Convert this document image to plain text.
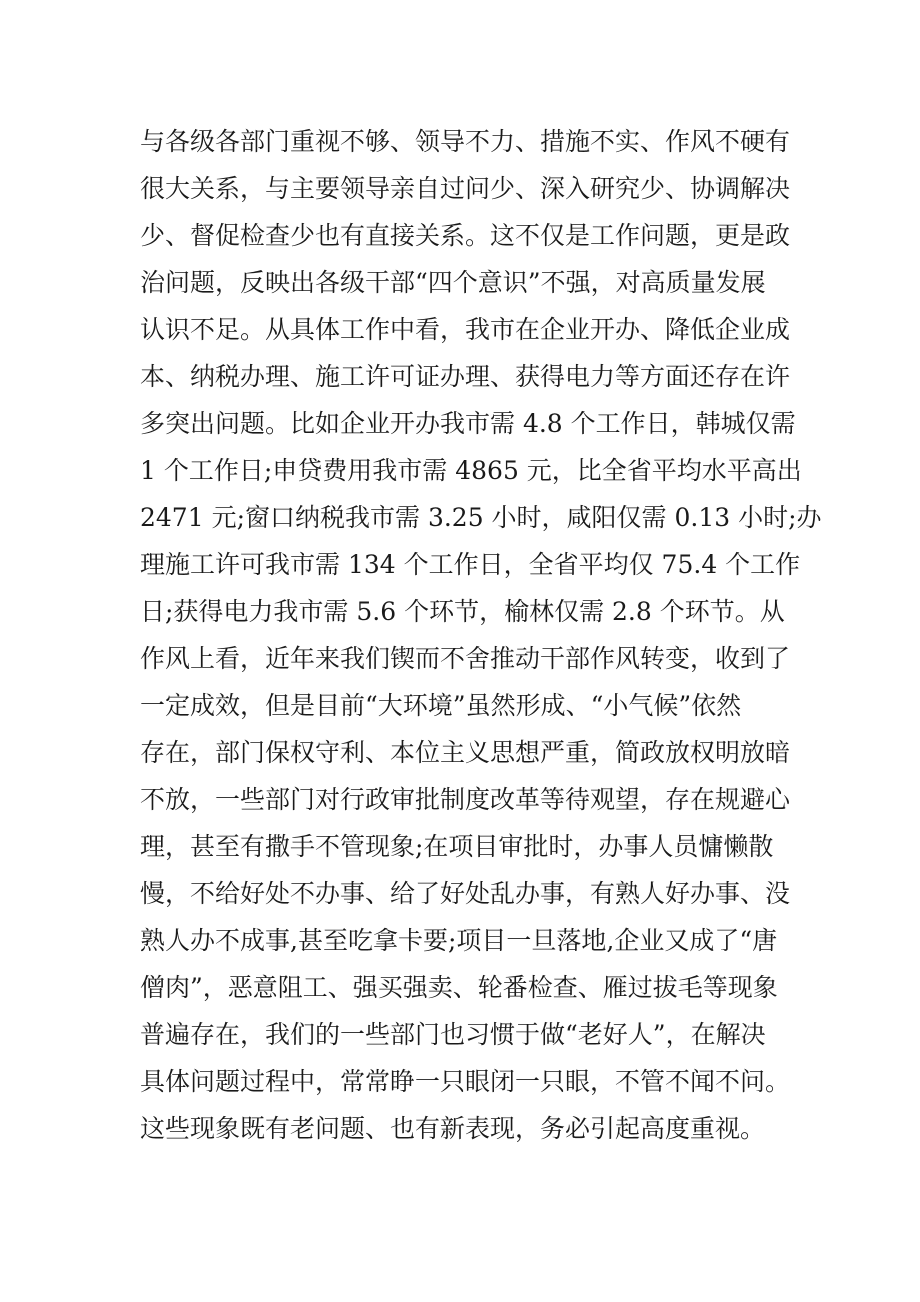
与各级各部门重视不够、领导不力、措施不实、作风不硬有
很大关系，与主要领导亲自过问少、深入研究少、协调解决
少、督促检查少也有直接关系。这不仅是工作问题，更是政
治问题，反映出各级干部“四个意识”不强，对高质量发展
认识不足。从具体工作中看，我市在企业开办、降低企业成
本、纳税办理、施工许可证办理、获得电力等方面还存在许
多突出问题。比如企业开办我市需 4.8 个工作日，韩城仅需
1 个工作日;申贷费用我市需 4865 元，比全省平均水平高出
2471 元;窗口纳税我市需 3.25 小时，咸阳仅需 0.13 小时;办
理施工许可我市需 134 个工作日，全省平均仅 75.4 个工作
日;获得电力我市需 5.6 个环节，榆林仅需 2.8 个环节。从
作风上看，近年来我们锲而不舍推动干部作风转变，收到了
一定成效，但是目前“大环境”虽然形成、“小气候”依然
存在，部门保权守利、本位主义思想严重，简政放权明放暗
不放，一些部门对行政审批制度改革等待观望，存在规避心
理，甚至有撒手不管现象;在项目审批时，办事人员慵懒散
慢，不给好处不办事、给了好处乱办事，有熟人好办事、没
熟人办不成事,甚至吃拿卡要;项目一旦落地,企业又成了“唐
僧肉”，恶意阻工、强买强卖、轮番检查、雁过拔毛等现象
普遍存在，我们的一些部门也习惯于做“老好人”，在解决
具体问题过程中，常常睁一只眼闭一只眼，不管不闻不问。
这些现象既有老问题、也有新表现，务必引起高度重视。
